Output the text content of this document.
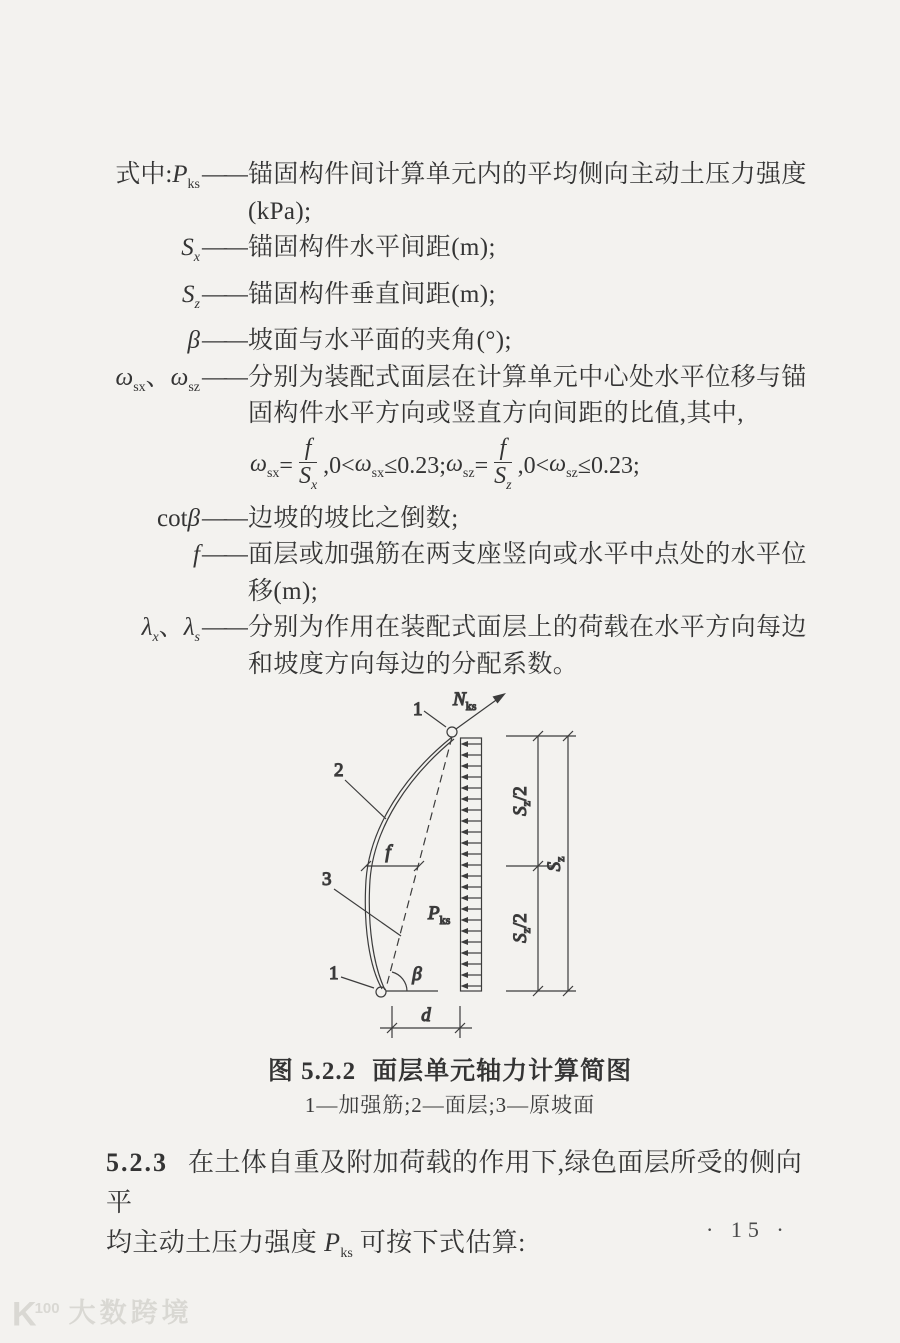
式中$:P_{ks}$ —— 锚固构件间计算单元内的平均侧向主动土压力强度
(kPa);
$S_x$ —— 锚固构件水平间距(m);
$S_z$ —— 锚固构件垂直间距(m);
β —— 坡面与水平面的夹角(°);
$\omega_{sx}$、$\omega_{sz}$ —— 分别为装配式面层在计算单元中心处水平位移与锚
固构件水平方向或竖直方向间距的比值,其中,
$\omega_{sx} = \frac{f}{S_x} ,0< \omega_{sx} \le 0.23$; $\omega_{sz} = \frac{f}{S_z} ,0< \omega_{sz} \le 0.23$;
cotβ —— 边坡的坡比之倒数;
f —— 面层或加强筋在两支座竖向或水平中点处的水平位
移(m);
$\lambda_x$、$\lambda_s$ —— 分别为作用在装配式面层上的荷载在水平方向每边
和坡度方向每边的分配系数。
$N_{ks}$
1
2
3
1
f
β
$P_{ks}$
d
$S_z/2$
$S_z/2$
$S_z$
图 5.2.2 面层单元轴力计算简图
1—加强筋;2—面层;3—原坡面
5.2.3 在土体自重及附加荷载的作用下,绿色面层所受的侧向平
均主动土压力强度 $P_{ks}$ 可按下式估算:	· 15 ·
$K^{100}$ 大数跨境
